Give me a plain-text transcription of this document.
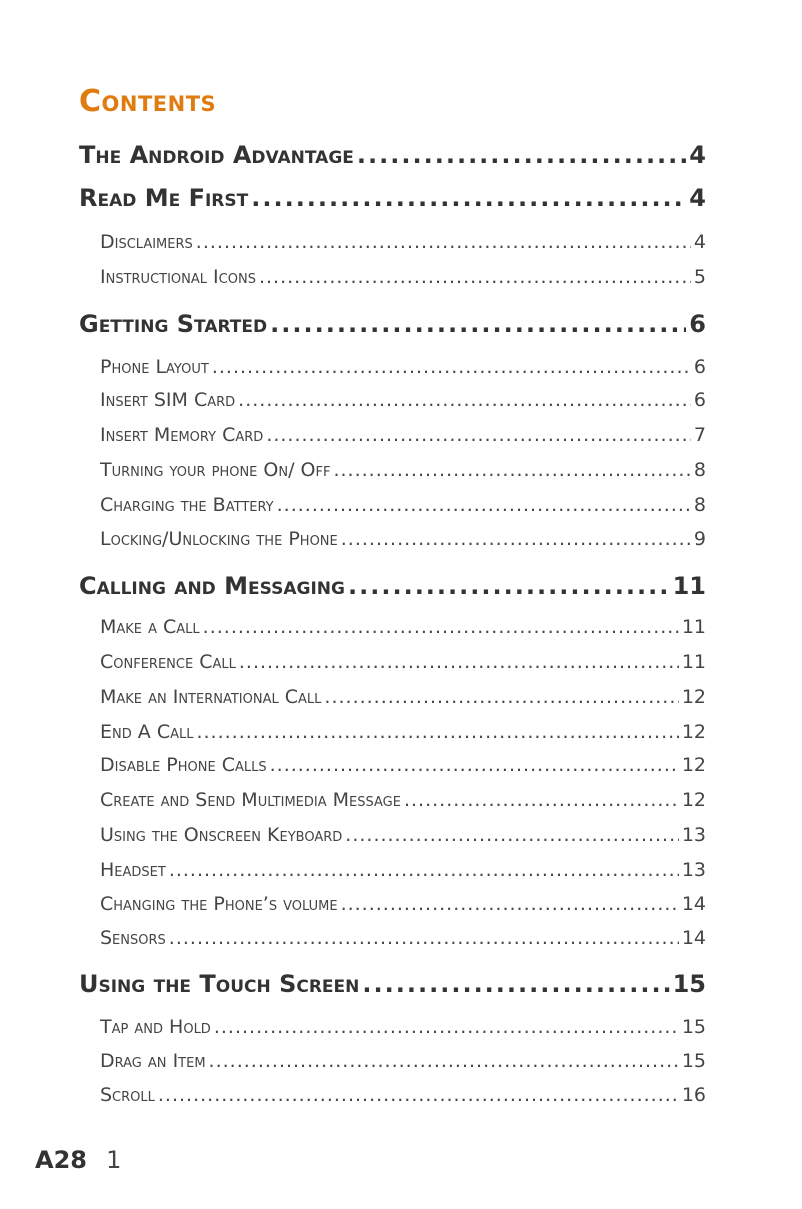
Contents
The Android Advantage .....	4
Read Me First .....	4
Disclaimers .....	4
Instructional Icons .....	5
Getting Started .....	6
Phone Layout .....	6
Insert SIM Card .....	6
Insert Memory Card .....	7
Turning your phone On/ Off .....	8
Charging the Battery .....	8
Locking/Unlocking the Phone .....	9
Calling and Messaging .....	11
Make a Call .....	11
Conference Call .....	11
Make an International Call .....	12
End A Call .....	12
Disable Phone Calls .....	12
Create and Send Multimedia Message .....	12
Using the Onscreen Keyboard .....	13
Headset .....	13
Changing the Phone’s volume .....	14
Sensors .....	14
Using the Touch Screen .....	15
Tap and Hold .....	15
Drag an Item .....	15
Scroll .....	16
A28 1
